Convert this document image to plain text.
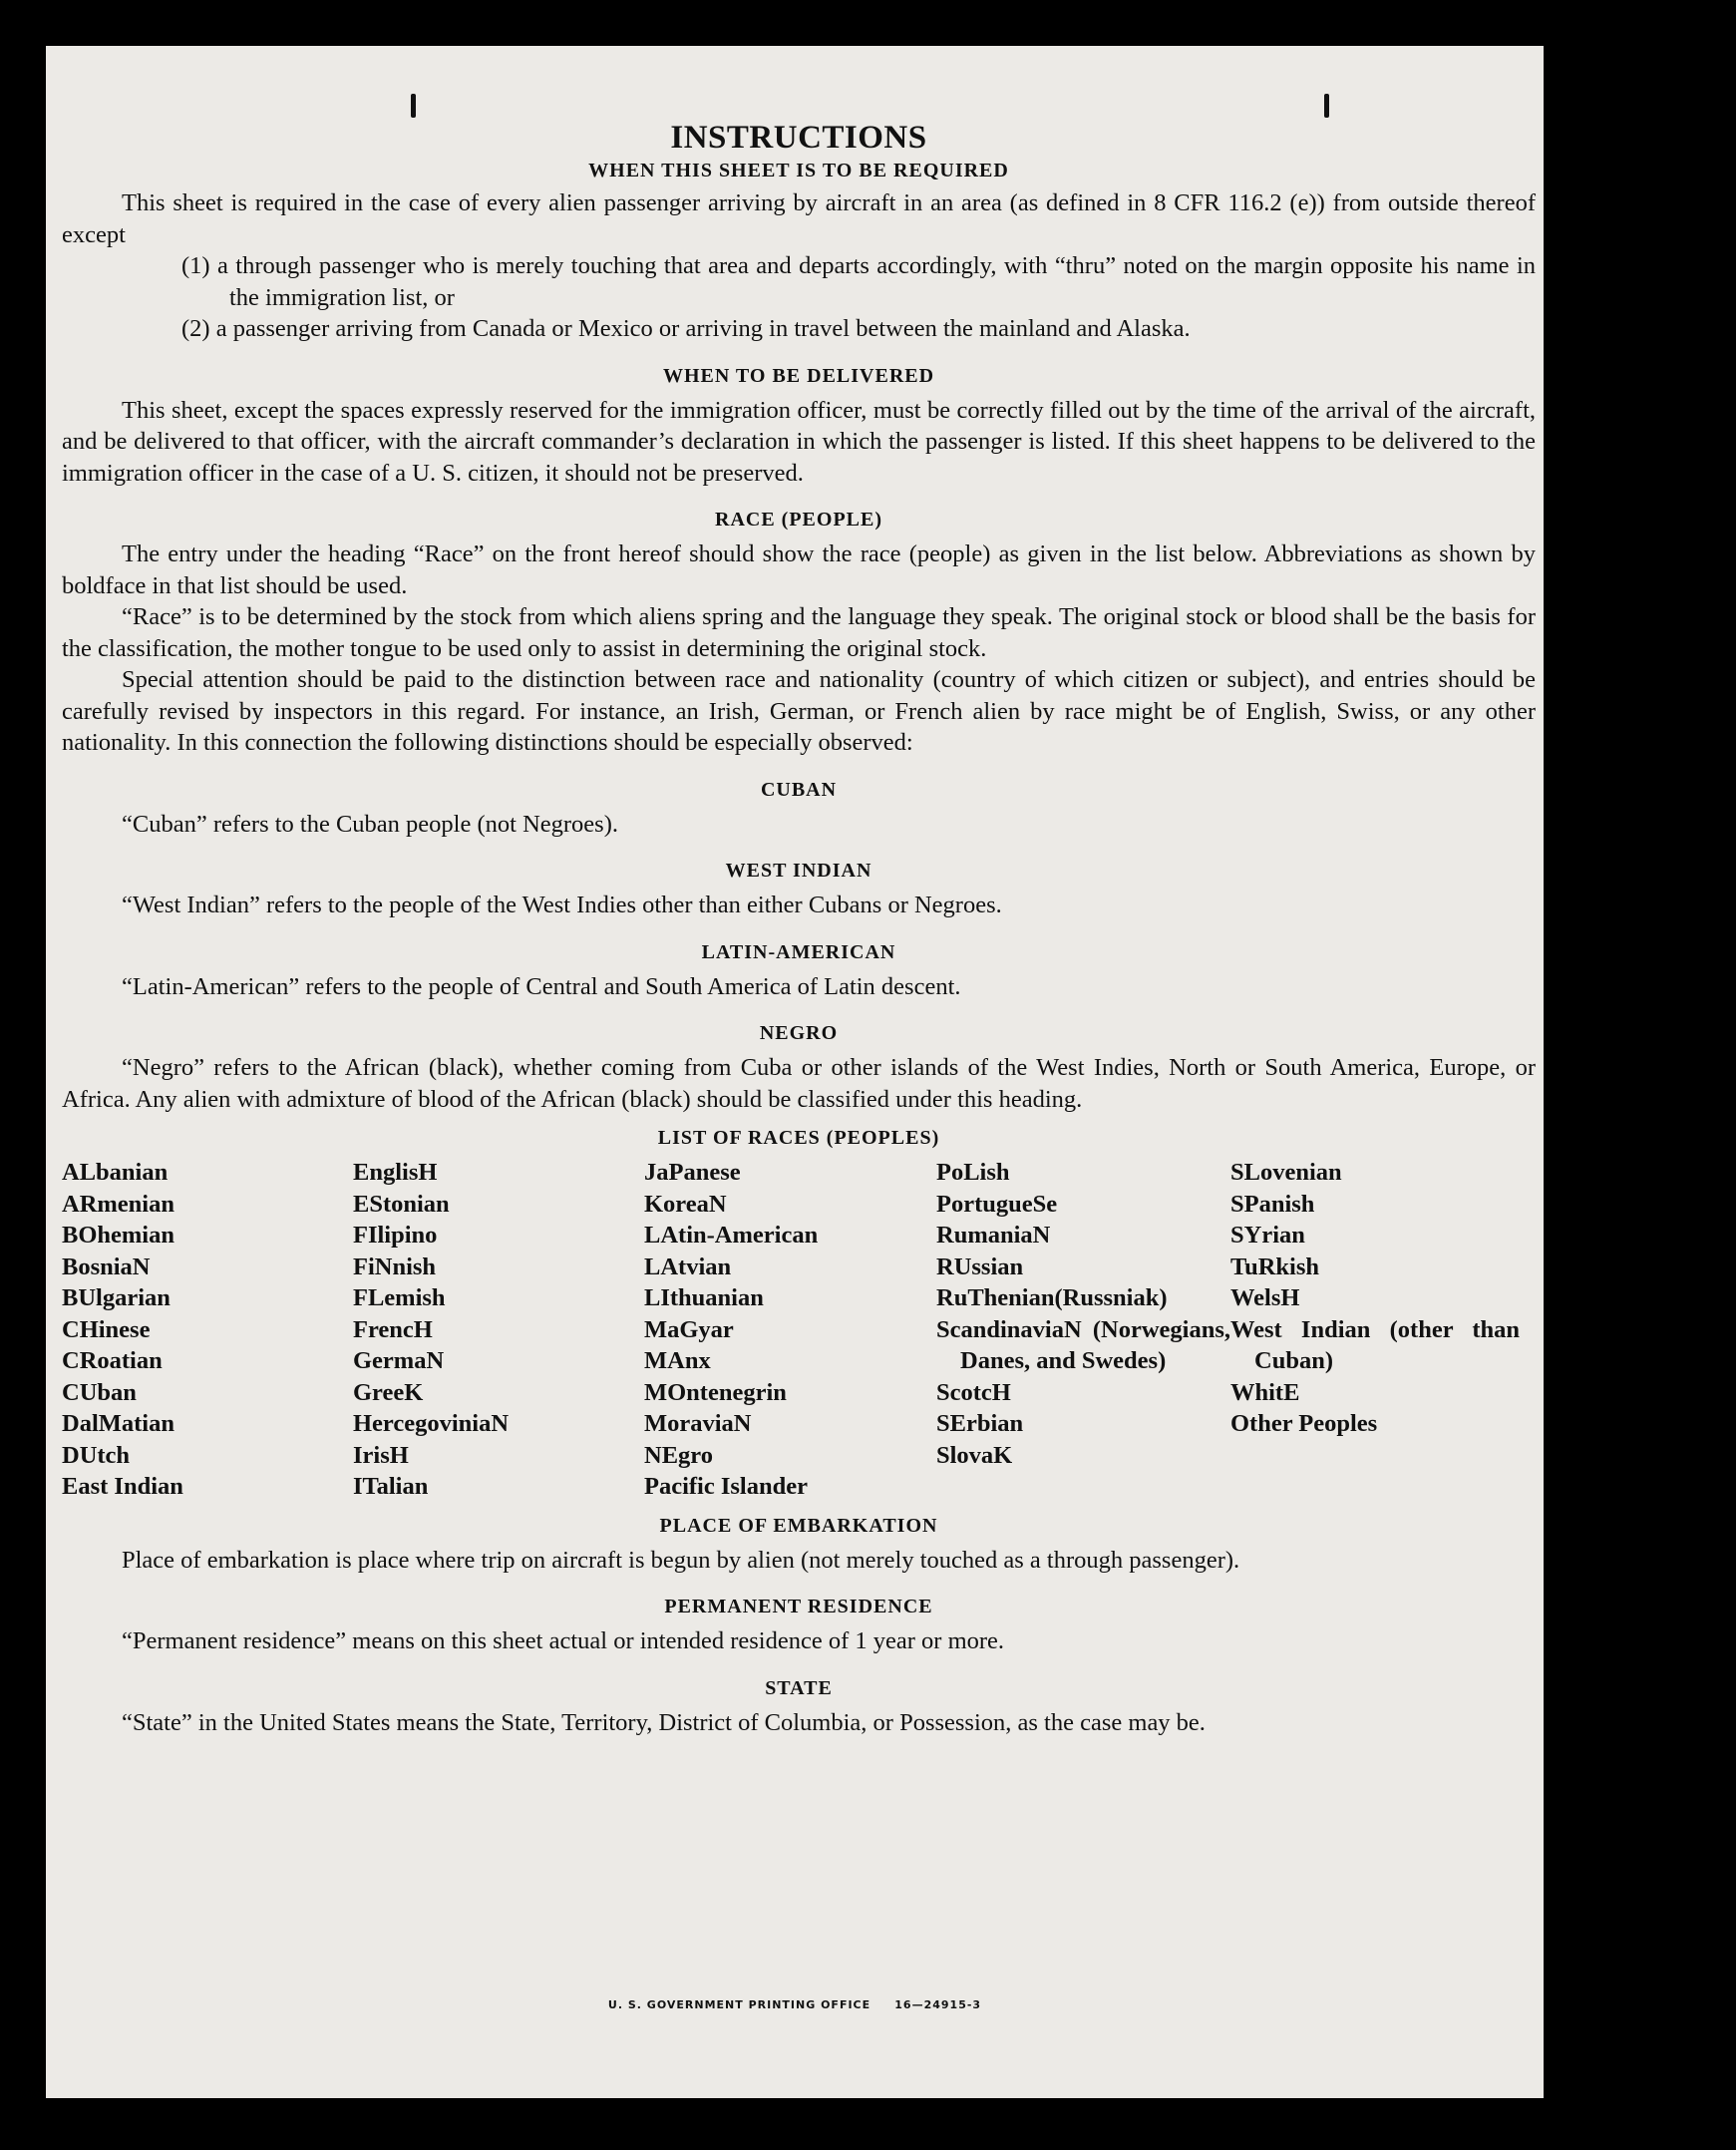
INSTRUCTIONS
WHEN THIS SHEET IS TO BE REQUIRED

This sheet is required in the case of every alien passenger arriving by aircraft in an area (as defined in 8 CFR 116.2 (e)) from outside thereof except

(1) a through passenger who is merely touching that area and departs accordingly, with “thru” noted on the margin opposite his name in the immigration list, or

(2) a passenger arriving from Canada or Mexico or arriving in travel between the mainland and Alaska.

WHEN TO BE DELIVERED

This sheet, except the spaces expressly reserved for the immigration officer, must be correctly filled out by the time of the arrival of the aircraft, and be delivered to that officer, with the aircraft commander’s declaration in which the passenger is listed. If this sheet happens to be delivered to the immigration officer in the case of a U. S. citizen, it should not be preserved.

RACE (PEOPLE)

The entry under the heading “Race” on the front hereof should show the race (people) as given in the list below. Abbreviations as shown by boldface in that list should be used.

“Race” is to be determined by the stock from which aliens spring and the language they speak. The original stock or blood shall be the basis for the classification, the mother tongue to be used only to assist in determining the original stock.

Special attention should be paid to the distinction between race and nationality (country of which citizen or subject), and entries should be carefully revised by inspectors in this regard. For instance, an Irish, German, or French alien by race might be of English, Swiss, or any other nationality. In this connection the following distinctions should be especially observed:

CUBAN

“Cuban” refers to the Cuban people (not Negroes).

WEST INDIAN

“West Indian” refers to the people of the West Indies other than either Cubans or Negroes.

LATIN-AMERICAN

“Latin-American” refers to the people of Central and South America of Latin descent.

NEGRO

“Negro” refers to the African (black), whether coming from Cuba or other islands of the West Indies, North or South America, Europe, or Africa. Any alien with admixture of blood of the African (black) should be classified under this heading.

LIST OF RACES (PEOPLES)
ALbanian
ARmenian
BOhemian
BosniaN
BUlgarian
CHinese
CRoatian
CUban
DalMatian
DUtch
East Indian
EnglisH
EStonian
FIlipino
FiNnish
FLemish
FrencH
GermaN
GreeK
HercegoviniaN
IrisH
ITalian
JaPanese
KoreaN
LAtin-American
LAtvian
LIthuanian
MaGyar
MAnx
MOntenegrin
MoraviaN
NEgro
Pacific Islander
PoLish
PortugueSe
RumaniaN
RUssian
RuThenian(Russniak)
ScandinaviaN (Norwegians, Danes, and Swedes)
ScotcH
SErbian
SlovaK
SLovenian
SPanish
SYrian
TuRkish
WelsH
West Indian (other than Cuban)
WhitE
Other Peoples
PLACE OF EMBARKATION

Place of embarkation is place where trip on aircraft is begun by alien (not merely touched as a through passenger).

PERMANENT RESIDENCE

“Permanent residence” means on this sheet actual or intended residence of 1 year or more.

STATE

“State” in the United States means the State, Territory, District of Columbia, or Possession, as the case may be.

U. S. GOVERNMENT PRINTING OFFICE     16—24915-3
